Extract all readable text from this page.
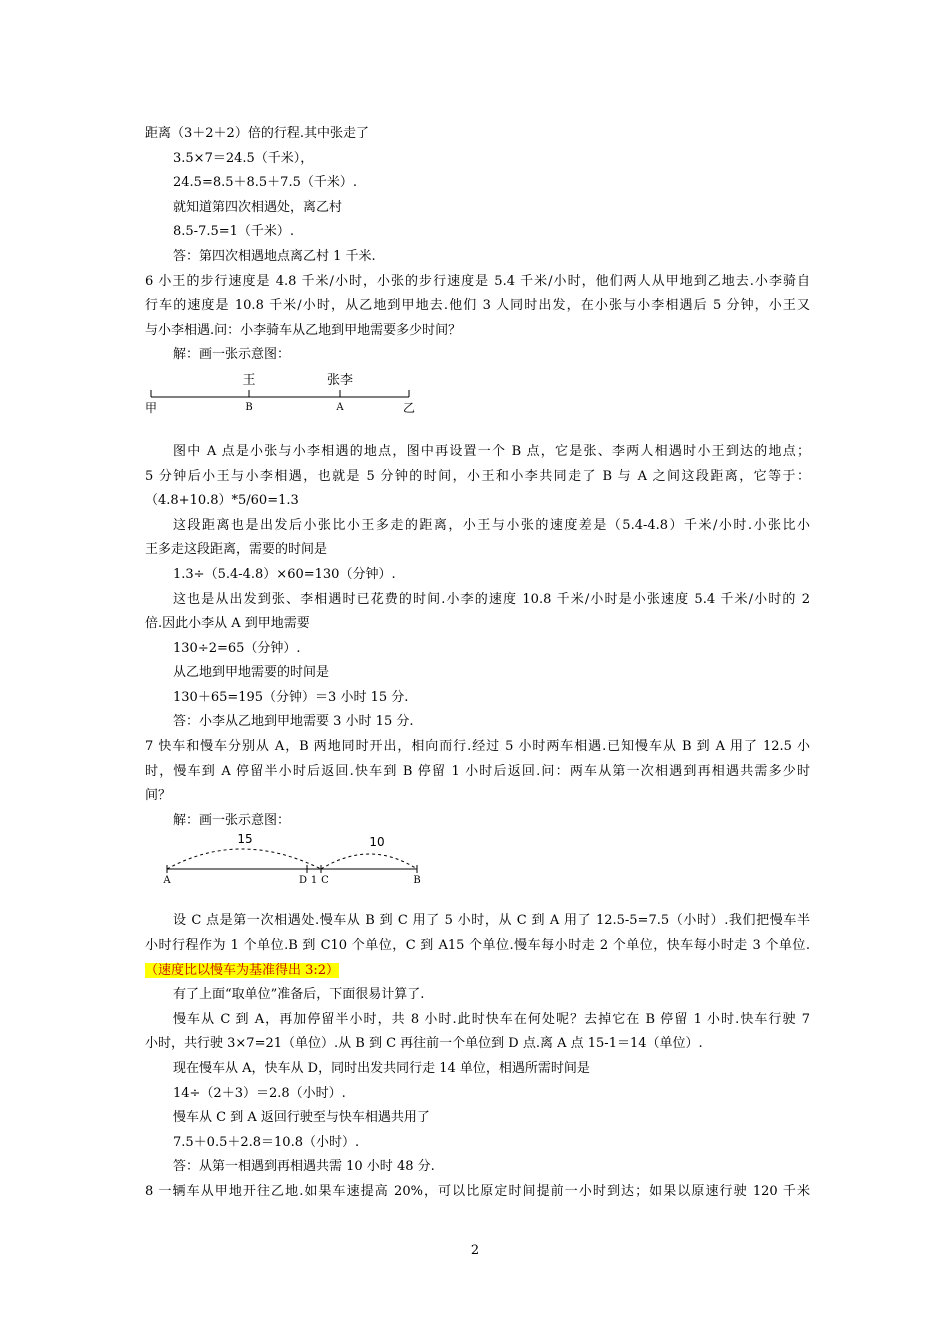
距离（3＋2＋2）倍的行程.其中张走了
3.5×7＝24.5（千米），
24.5=8.5＋8.5＋7.5（千米）.
就知道第四次相遇处，离乙村
8.5-7.5=1（千米）.
答：第四次相遇地点离乙村 1 千米.
6 小王的步行速度是 4.8 千米/小时，小张的步行速度是 5.4 千米/小时，他们两人从甲地到乙地去.小李骑自
行车的速度是 10.8 千米/小时，从乙地到甲地去.他们 3 人同时出发，在小张与小李相遇后 5 分钟，小王又
与小李相遇.问：小李骑车从乙地到甲地需要多少时间？
解：画一张示意图：
王	张李
甲	B	A	乙
图中 A 点是小张与小李相遇的地点，图中再设置一个 B 点，它是张、李两人相遇时小王到达的地点；
5 分钟后小王与小李相遇，也就是 5 分钟的时间，小王和小李共同走了 B 与 A 之间这段距离，它等于：
（4.8+10.8）*5/60=1.3
这段距离也是出发后小张比小王多走的距离，小王与小张的速度差是（5.4-4.8）千米/小时.小张比小
王多走这段距离，需要的时间是
1.3÷（5.4-4.8）×60=130（分钟）.
这也是从出发到张、李相遇时已花费的时间.小李的速度 10.8 千米/小时是小张速度 5.4 千米/小时的 2
倍.因此小李从 A 到甲地需要
130÷2=65（分钟）.
从乙地到甲地需要的时间是
130＋65=195（分钟）＝3 小时 15 分.
答：小李从乙地到甲地需要 3 小时 15 分.
7 快车和慢车分别从 A，B 两地同时开出，相向而行.经过 5 小时两车相遇.已知慢车从 B 到 A 用了 12.5 小
时，慢车到 A 停留半小时后返回.快车到 B 停留 1 小时后返回.问：两车从第一次相遇到再相遇共需多少时
间？
解：画一张示意图：
15	10
A	D 1 C	B
设 C 点是第一次相遇处.慢车从 B 到 C 用了 5 小时，从 C 到 A 用了 12.5-5=7.5（小时）.我们把慢车半
小时行程作为 1 个单位.B 到 C10 个单位，C 到 A15 个单位.慢车每小时走 2 个单位，快车每小时走 3 个单位.
（速度比以慢车为基准得出 3:2）
有了上面“取单位”准备后，下面很易计算了.
慢车从 C 到 A，再加停留半小时，共 8 小时.此时快车在何处呢？去掉它在 B 停留 1 小时.快车行驶 7
小时，共行驶 3×7=21（单位）.从 B 到 C 再往前一个单位到 D 点.离 A 点 15-1＝14（单位）.
现在慢车从 A，快车从 D，同时出发共同行走 14 单位，相遇所需时间是
14÷（2＋3）＝2.8（小时）.
慢车从 C 到 A 返回行驶至与快车相遇共用了
7.5＋0.5＋2.8＝10.8（小时）.
答：从第一相遇到再相遇共需 10 小时 48 分.
8 一辆车从甲地开往乙地.如果车速提高 20%，可以比原定时间提前一小时到达；如果以原速行驶 120 千米
2
